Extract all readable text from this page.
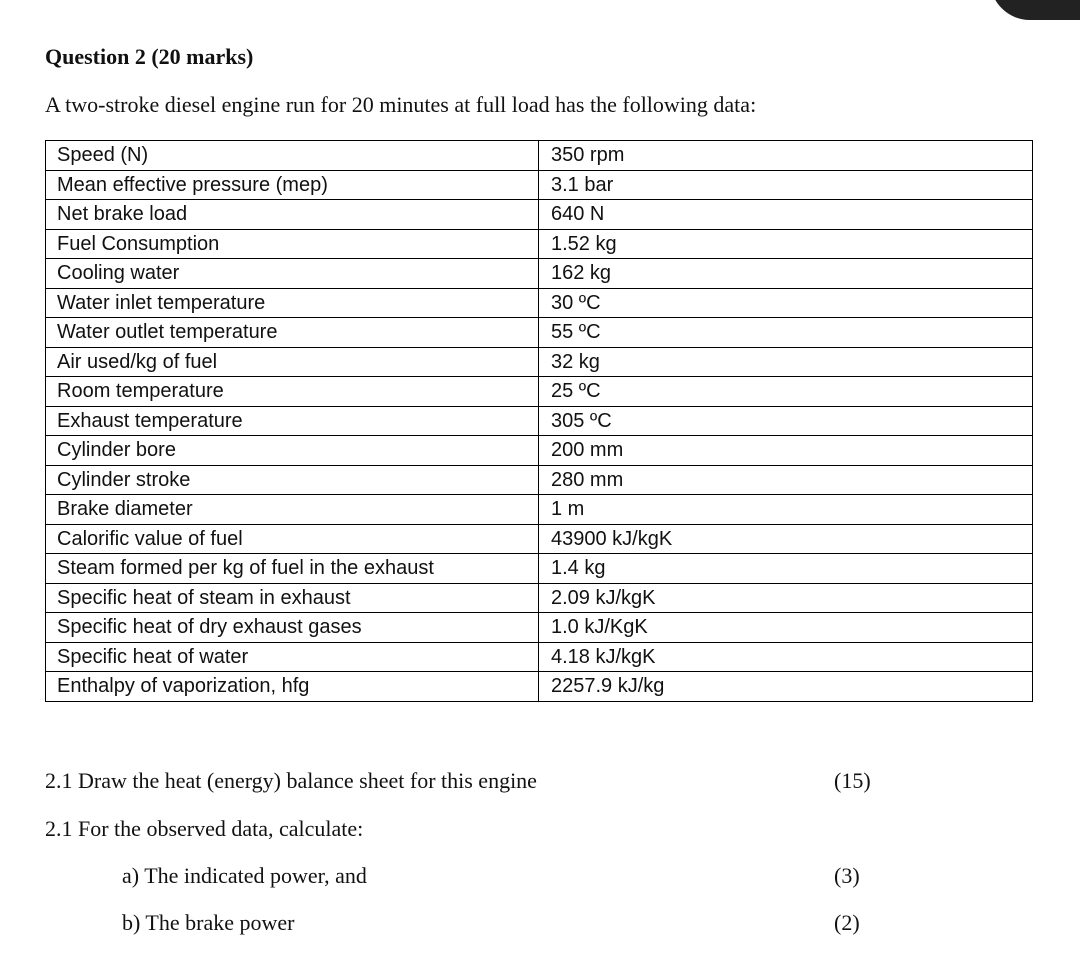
Question 2 (20 marks)
A two-stroke diesel engine run for 20 minutes at full load has the following data:
Speed (N)	350 rpm
Mean effective pressure (mep)	3.1 bar
Net brake load	640 N
Fuel Consumption	1.52 kg
Cooling water	162 kg
Water inlet temperature	30 ºC
Water outlet temperature	55 ºC
Air used/kg of fuel	32 kg
Room temperature	25 ºC
Exhaust temperature	305 ºC
Cylinder bore	200 mm
Cylinder stroke	280 mm
Brake diameter	1 m
Calorific value of fuel	43900 kJ/kgK
Steam formed per kg of fuel in the exhaust	1.4 kg
Specific heat of steam in exhaust	2.09 kJ/kgK
Specific heat of dry exhaust gases	1.0 kJ/KgK
Specific heat of water	4.18 kJ/kgK
Enthalpy of vaporization, hfg	2257.9 kJ/kg
2.1 Draw the heat (energy) balance sheet for this engine	(15)
2.1 For the observed data, calculate:
a) The indicated power, and	(3)
b) The brake power	(2)
